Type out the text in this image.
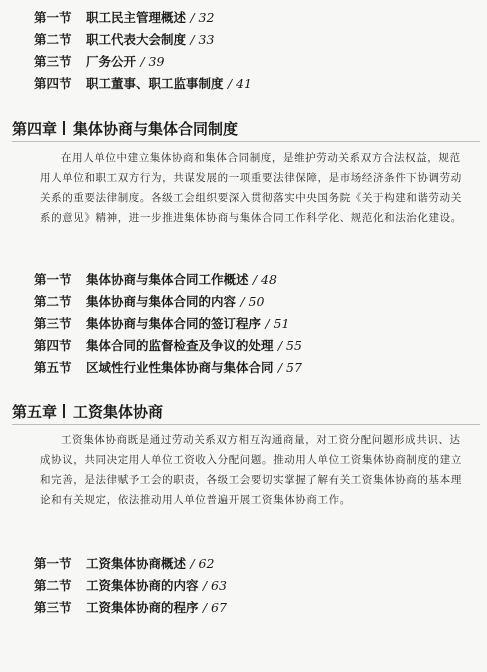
第一节 职工民主管理概述 / 32
第二节 职工代表大会制度 / 33
第三节 厂务公开 / 39
第四节 职工董事、职工监事制度 / 41
第四章 集体协商与集体合同制度
在用人单位中建立集体协商和集体合同制度，是维护劳动关系双方合法权益，规范用人单位和职工双方行为，共谋发展的一项重要法律保障，是市场经济条件下协调劳动关系的重要法律制度。各级工会组织要深入贯彻落实中央国务院《关于构建和谐劳动关系的意见》精神，进一步推进集体协商与集体合同工作科学化、规范化和法治化建设。
第一节 集体协商与集体合同工作概述 / 48
第二节 集体协商与集体合同的内容 / 50
第三节 集体协商与集体合同的签订程序 / 51
第四节 集体合同的监督检查及争议的处理 / 55
第五节 区域性行业性集体协商与集体合同 / 57
第五章 工资集体协商
工资集体协商既是通过劳动关系双方相互沟通商量，对工资分配问题形成共识、达成协议，共同决定用人单位工资收入分配问题。推动用人单位工资集体协商制度的建立和完善，是法律赋予工会的职责，各级工会要切实掌握了解有关工资集体协商的基本理论和有关规定，依法推动用人单位普遍开展工资集体协商工作。
第一节 工资集体协商概述 / 62
第二节 工资集体协商的内容 / 63
第三节 工资集体协商的程序 / 67
